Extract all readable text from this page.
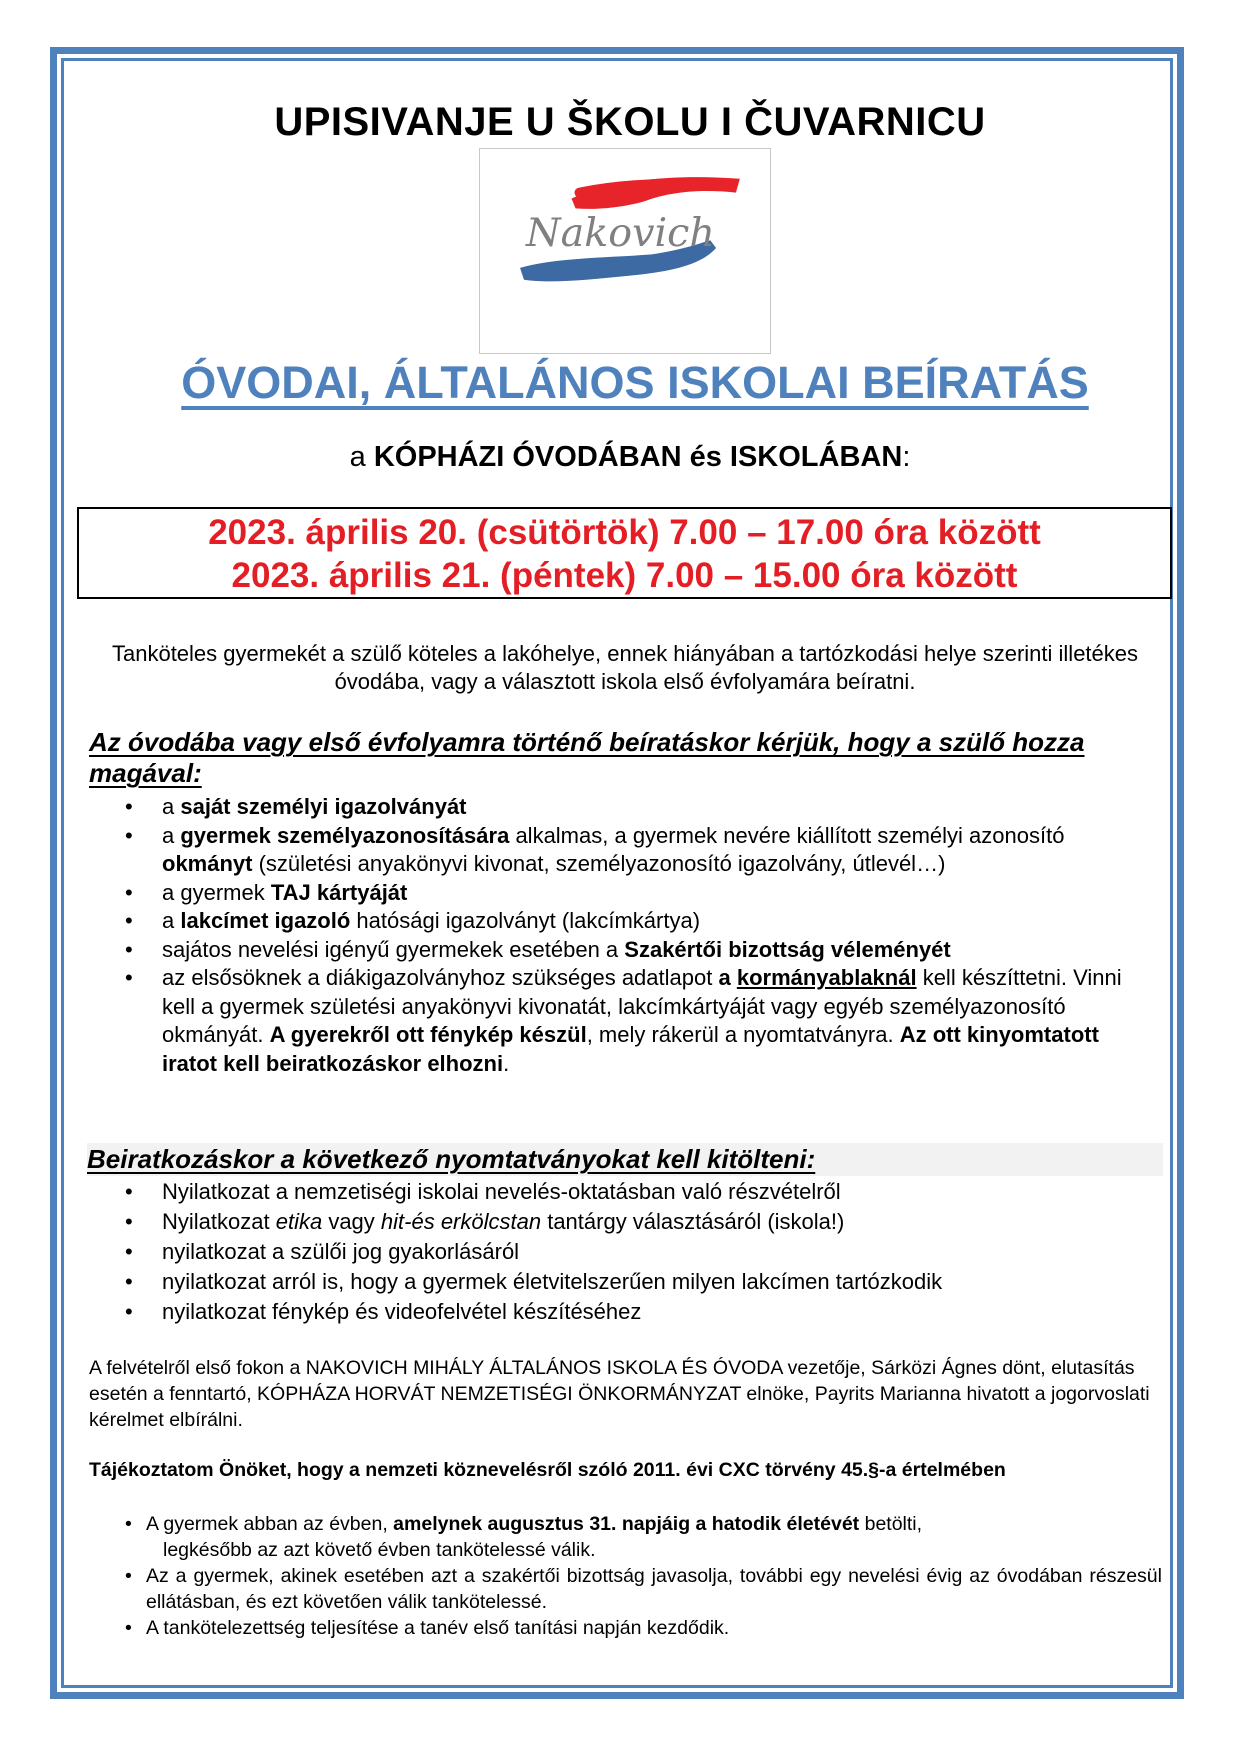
UPISIVANJE U ŠKOLU I ČUVARNICU
Nakovich
ÓVODAI, ÁLTALÁNOS ISKOLAI BEÍRATÁS
a KÓPHÁZI ÓVODÁBAN és ISKOLÁBAN:
2023. április 20. (csütörtök) 7.00 – 17.00 óra között
2023. április 21. (péntek) 7.00 – 15.00 óra között
Tanköteles gyermekét a szülő köteles a lakóhelye, ennek hiányában a tartózkodási helye szerinti illetékes óvodába, vagy a választott iskola első évfolyamára beíratni.
Az óvodába vagy első évfolyamra történő beíratáskor kérjük, hogy a szülő hozza magával:
• a saját személyi igazolványát
• a gyermek személyazonosítására alkalmas, a gyermek nevére kiállított személyi azonosító okmányt (születési anyakönyvi kivonat, személyazonosító igazolvány, útlevél…)
• a gyermek TAJ kártyáját
• a lakcímet igazoló hatósági igazolványt (lakcímkártya)
• sajátos nevelési igényű gyermekek esetében a Szakértői bizottság véleményét
• az elsősöknek a diákigazolványhoz szükséges adatlapot a kormányablaknál kell készíttetni. Vinni kell a gyermek születési anyakönyvi kivonatát, lakcímkártyáját vagy egyéb személyazonosító okmányát. A gyerekről ott fénykép készül, mely rákerül a nyomtatványra. Az ott kinyomtatott iratot kell beiratkozáskor elhozni.
Beiratkozáskor a következő nyomtatványokat kell kitölteni:
• Nyilatkozat a nemzetiségi iskolai nevelés-oktatásban való részvételről
• Nyilatkozat etika vagy hit-és erkölcstan tantárgy választásáról (iskola!)
• nyilatkozat a szülői jog gyakorlásáról
• nyilatkozat arról is, hogy a gyermek életvitelszerűen milyen lakcímen tartózkodik
• nyilatkozat fénykép és videofelvétel készítéséhez
A felvételről első fokon a NAKOVICH MIHÁLY ÁLTALÁNOS ISKOLA ÉS ÓVODA vezetője, Sárközi Ágnes dönt, elutasítás esetén a fenntartó, KÓPHÁZA HORVÁT NEMZETISÉGI ÖNKORMÁNYZAT elnöke, Payrits Marianna hivatott a jogorvoslati kérelmet elbírálni.
Tájékoztatom Önöket, hogy a nemzeti köznevelésről szóló 2011. évi CXC törvény 45.§-a értelmében
• A gyermek abban az évben, amelynek augusztus 31. napjáig a hatodik életévét betölti,
legkésőbb az azt követő évben tankötelessé válik.
• Az a gyermek, akinek esetében azt a szakértői bizottság javasolja, további egy nevelési évig az óvodában részesül ellátásban, és ezt követően válik tankötelessé.
• A tankötelezettség teljesítése a tanév első tanítási napján kezdődik.
